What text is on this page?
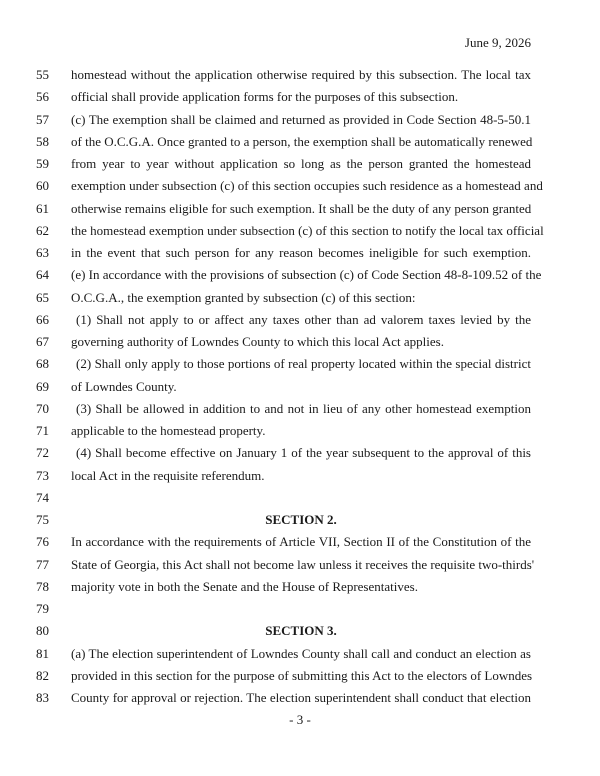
June 9, 2026
55	homestead without the application otherwise required by this subsection. The local tax
56	official shall provide application forms for the purposes of this subsection.
57	(c) The exemption shall be claimed and returned as provided in Code Section 48-5-50.1
58	of the O.C.G.A. Once granted to a person, the exemption shall be automatically renewed
59	from year to year without application so long as the person granted the homestead
60	exemption under subsection (c) of this section occupies such residence as a homestead and
61	otherwise remains eligible for such exemption. It shall be the duty of any person granted
62	the homestead exemption under subsection (c) of this section to notify the local tax official
63	in the event that such person for any reason becomes ineligible for such exemption.
64	(e) In accordance with the provisions of subsection (c) of Code Section 48-8-109.52 of the
65	O.C.G.A., the exemption granted by subsection (c) of this section:
66	(1) Shall not apply to or affect any taxes other than ad valorem taxes levied by the
67	governing authority of Lowndes County to which this local Act applies.
68	(2) Shall only apply to those portions of real property located within the special district
69	of Lowndes County.
70	(3) Shall be allowed in addition to and not in lieu of any other homestead exemption
71	applicable to the homestead property.
72	(4) Shall become effective on January 1 of the year subsequent to the approval of this
73	local Act in the requisite referendum.
74
75	SECTION 2.
76	In accordance with the requirements of Article VII, Section II of the Constitution of the
77	State of Georgia, this Act shall not become law unless it receives the requisite two-thirds'
78	majority vote in both the Senate and the House of Representatives.
79
80	SECTION 3.
81	(a) The election superintendent of Lowndes County shall call and conduct an election as
82	provided in this section for the purpose of submitting this Act to the electors of Lowndes
83	County for approval or rejection. The election superintendent shall conduct that election
- 3 -
